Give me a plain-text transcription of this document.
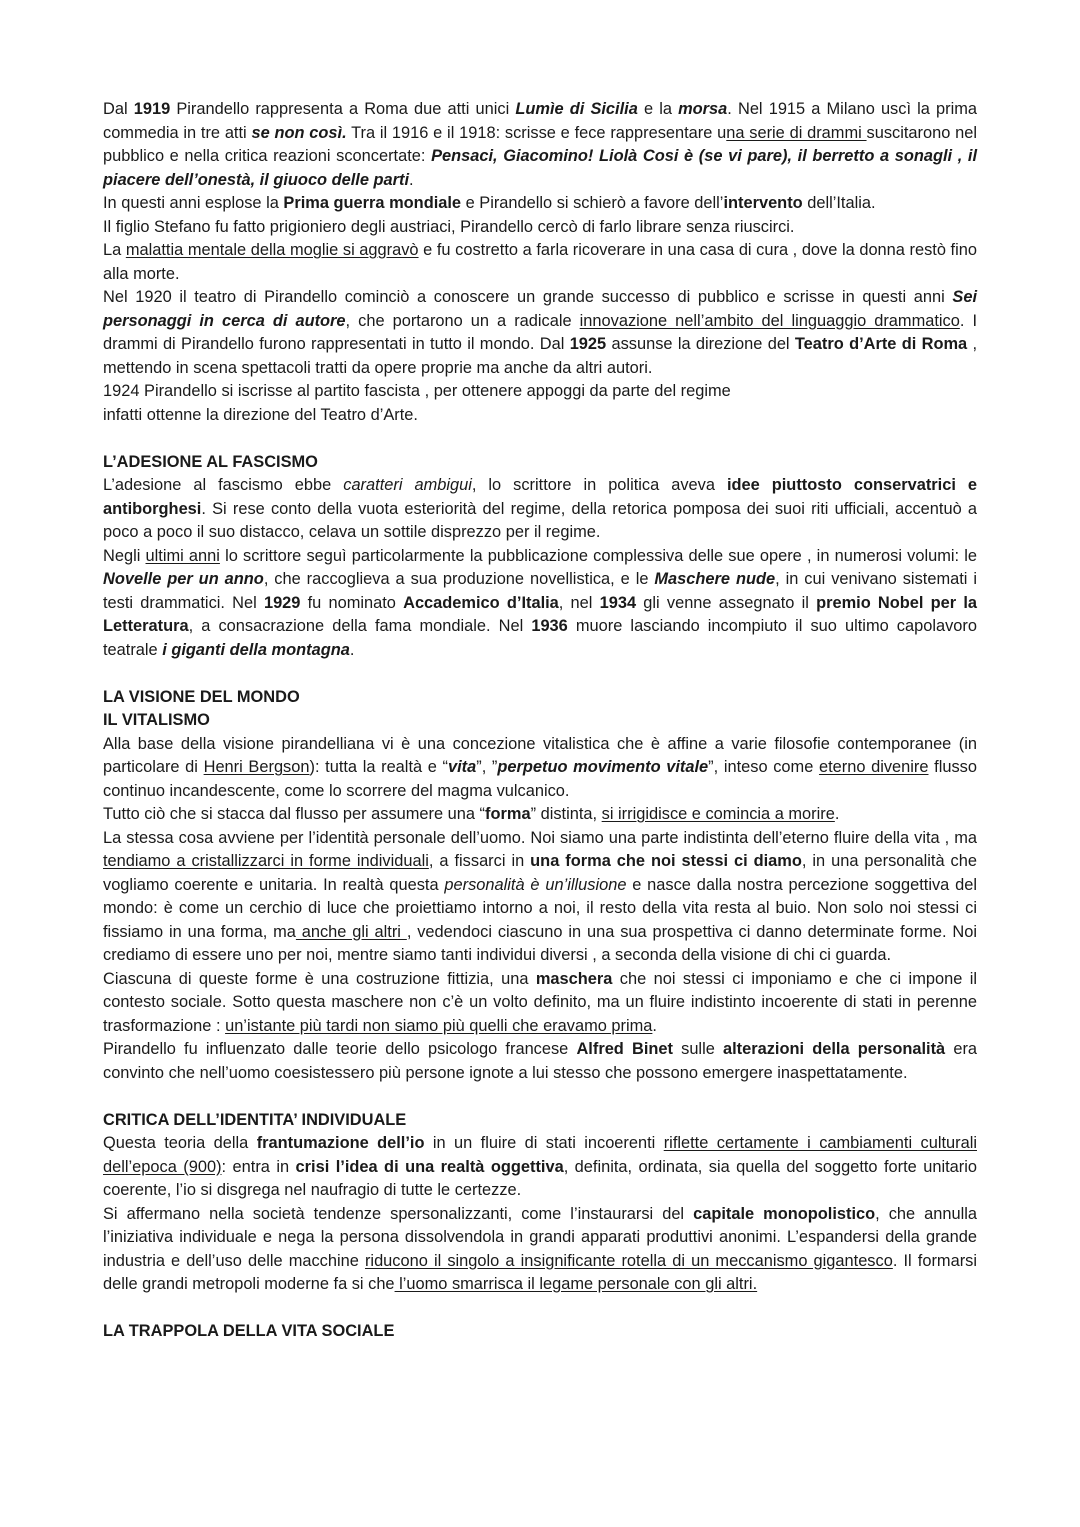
Dal 1919 Pirandello rappresenta a Roma due atti unici Lumìe di Sicilia e la morsa. Nel 1915 a Milano uscì la prima commedia in tre atti se non così. Tra il 1916 e il 1918: scrisse e fece rappresentare una serie di drammi suscitarono nel pubblico e nella critica reazioni sconcertate: Pensaci, Giacomino! Liolà Cosi è (se vi pare), il berretto a sonagli , il piacere dell’onestà, il giuoco delle parti.

In questi anni esplose la Prima guerra mondiale e Pirandello si schierò a favore dell’intervento dell’Italia.

Il figlio Stefano fu fatto prigioniero degli austriaci, Pirandello cercò di farlo librare senza riuscirci.

La malattia mentale della moglie si aggravò e fu costretto a farla ricoverare in una casa di cura , dove la donna restò fino alla morte.

Nel 1920 il teatro di Pirandello cominciò a conoscere un grande successo di pubblico e scrisse in questi anni Sei personaggi in cerca di autore, che portarono un a radicale innovazione nell’ambito del linguaggio drammatico. I drammi di Pirandello furono rappresentati in tutto il mondo. Dal 1925 assunse la direzione del Teatro d’Arte di Roma , mettendo in scena spettacoli tratti da opere proprie ma anche da altri autori.

1924 Pirandello si iscrisse al partito fascista , per ottenere appoggi da parte del regime

infatti ottenne la direzione del Teatro d’Arte.

L’ADESIONE AL FASCISMO

L’adesione al fascismo ebbe caratteri ambigui, lo scrittore in politica aveva idee piuttosto conservatrici e antiborghesi. Si rese conto della vuota esteriorità del regime, della retorica pomposa dei suoi riti ufficiali, accentuò a poco a poco il suo distacco, celava un sottile disprezzo per il regime.

Negli ultimi anni lo scrittore seguì particolarmente la pubblicazione complessiva delle sue opere , in numerosi volumi: le Novelle per un anno, che raccoglieva a sua produzione novellistica, e le Maschere nude, in cui venivano sistemati i testi drammatici. Nel 1929 fu nominato Accademico d’Italia, nel 1934 gli venne assegnato il premio Nobel per la Letteratura, a consacrazione della fama mondiale. Nel 1936 muore lasciando incompiuto il suo ultimo capolavoro teatrale i giganti della montagna.

LA VISIONE DEL MONDO
IL VITALISMO

Alla base della visione pirandelliana vi è una concezione vitalistica che è affine a varie filosofie contemporanee (in particolare di Henri Bergson): tutta la realtà e “vita”, ”perpetuo movimento vitale”, inteso come eterno divenire flusso continuo incandescente, come lo scorrere del magma vulcanico.

Tutto ciò che si stacca dal flusso per assumere una “forma” distinta, si irrigidisce e comincia a morire.

La stessa cosa avviene per l’identità personale dell’uomo. Noi siamo una parte indistinta dell’eterno fluire della vita , ma tendiamo a cristallizzarci in forme individuali, a fissarci in una forma che noi stessi ci diamo, in una personalità che vogliamo coerente e unitaria. In realtà questa personalità è un’illusione e nasce dalla nostra percezione soggettiva del mondo: è come un cerchio di luce che proiettiamo intorno a noi, il resto della vita resta al buio. Non solo noi stessi ci fissiamo in una forma, ma anche gli altri , vedendoci ciascuno in una sua prospettiva ci danno determinate forme. Noi crediamo di essere uno per noi, mentre siamo tanti individui diversi , a seconda della visione di chi ci guarda.

Ciascuna di queste forme è una costruzione fittizia, una maschera che noi stessi ci imponiamo e che ci impone il contesto sociale. Sotto questa maschere non c’è un volto definito, ma un fluire indistinto incoerente di stati in perenne trasformazione : un’istante più tardi non siamo più quelli che eravamo prima.

Pirandello fu influenzato dalle teorie dello psicologo francese Alfred Binet sulle alterazioni della personalità era convinto che nell’uomo coesistessero più persone ignote a lui stesso che possono emergere inaspettatamente.

CRITICA DELL’IDENTITA’ INDIVIDUALE

Questa teoria della frantumazione dell’io in un fluire di stati incoerenti riflette certamente i cambiamenti culturali dell’epoca (900): entra in crisi l’idea di una realtà oggettiva, definita, ordinata, sia quella del soggetto forte unitario coerente, l’io si disgrega nel naufragio di tutte le certezze.

Si affermano nella società tendenze spersonalizzanti, come l’instaurarsi del capitale monopolistico, che annulla l’iniziativa individuale e nega la persona dissolvendola in grandi apparati produttivi anonimi. L’espandersi della grande industria e dell’uso delle macchine riducono il singolo a insignificante rotella di un meccanismo gigantesco. Il formarsi delle grandi metropoli moderne fa si che l’uomo smarrisca il legame personale con gli altri.

LA TRAPPOLA DELLA VITA SOCIALE
